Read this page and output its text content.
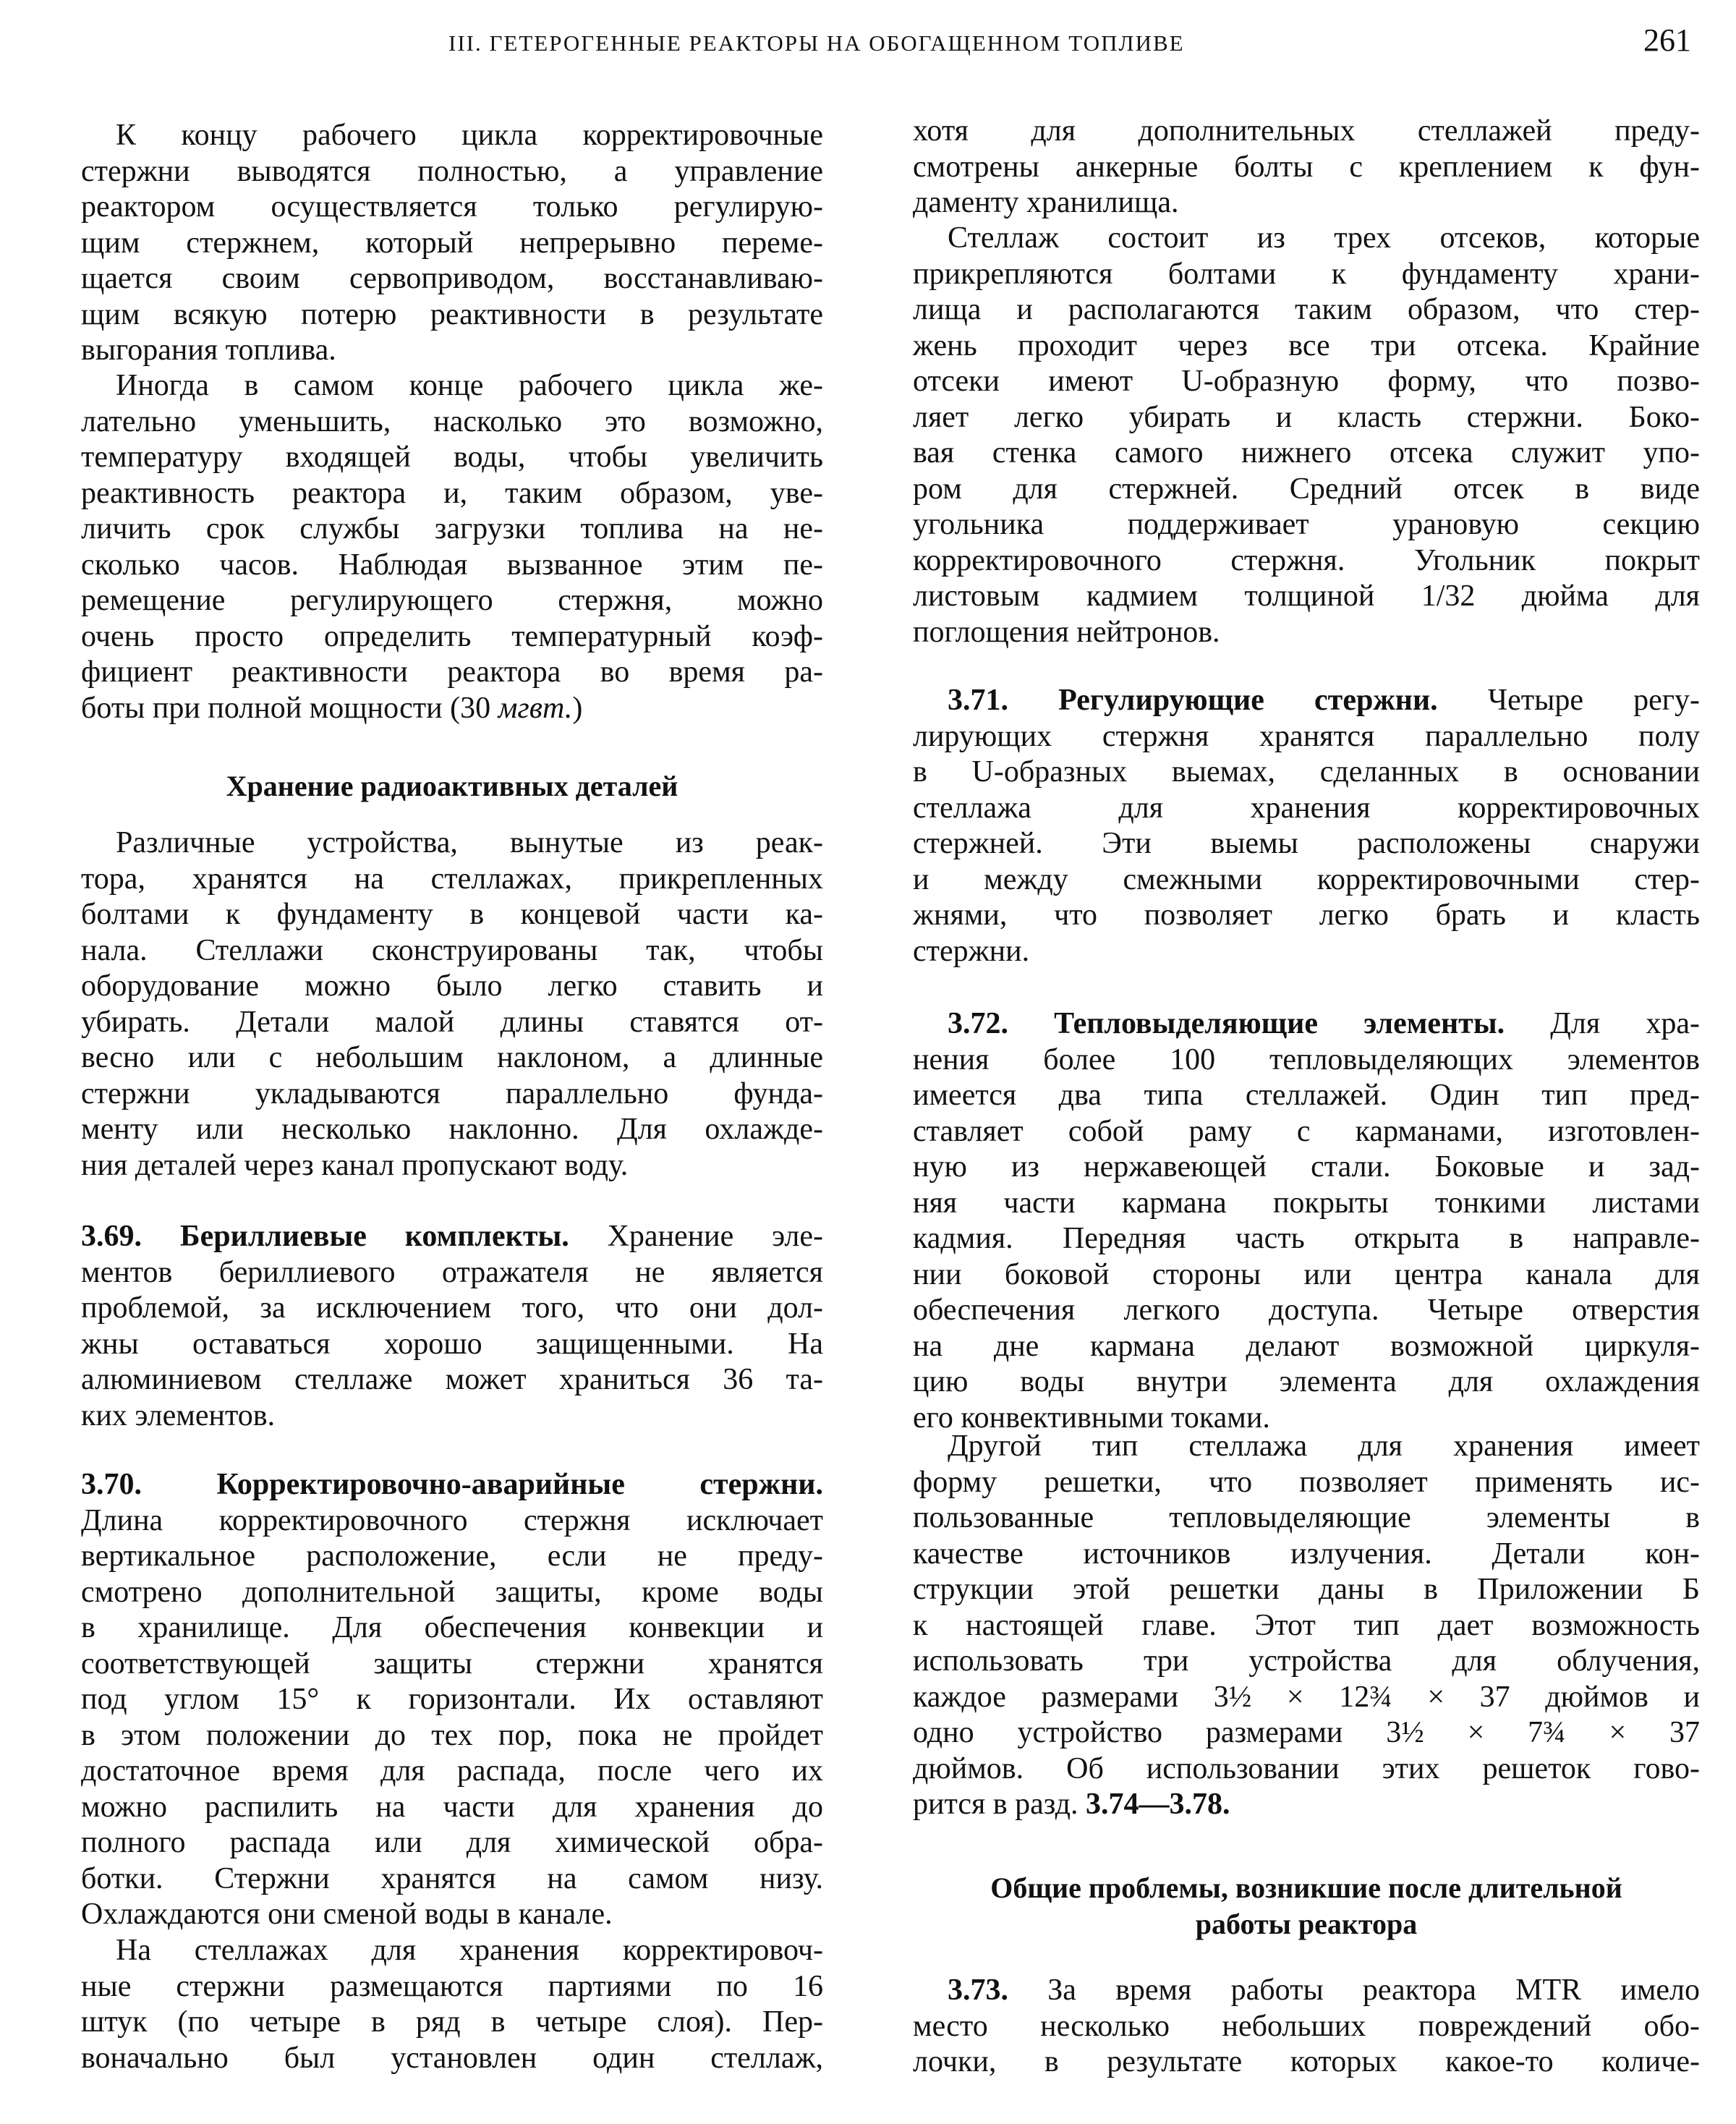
III. ГЕТЕРОГЕННЫЕ РЕАКТОРЫ НА ОБОГАЩЕННОМ ТОПЛИВЕ	261
К концу рабочего цикла корректировочные
стержни выводятся полностью, а управление
реактором осуществляется только регулирую-
щим стержнем, который непрерывно переме-
щается своим сервоприводом, восстанавливаю-
щим всякую потерю реактивности в результате
выгорания топлива.
Иногда в самом конце рабочего цикла же-
лательно уменьшить, насколько это возможно,
температуру входящей воды, чтобы увеличить
реактивность реактора и, таким образом, уве-
личить срок службы загрузки топлива на не-
сколько часов. Наблюдая вызванное этим пе-
ремещение регулирующего стержня, можно
очень просто определить температурный коэф-
фициент реактивности реактора во время ра-
боты при полной мощности (30 мгвт.)
Хранение радиоактивных деталей
Различные устройства, вынутые из реак-
тора, хранятся на стеллажах, прикрепленных
болтами к фундаменту в концевой части ка-
нала. Стеллажи сконструированы так, чтобы
оборудование можно было легко ставить и
убирать. Детали малой длины ставятся от-
весно или с небольшим наклоном, а длинные
стержни укладываются параллельно фунда-
менту или несколько наклонно. Для охлажде-
ния деталей через канал пропускают воду.
3.69. Бериллиевые комплекты. Хранение эле-
ментов бериллиевого отражателя не является
проблемой, за исключением того, что они дол-
жны оставаться хорошо защищенными. На
алюминиевом стеллаже может храниться 36 та-
ких элементов.
3.70. Корректировочно-аварийные стержни.
Длина корректировочного стержня исключает
вертикальное расположение, если не преду-
смотрено дополнительной защиты, кроме воды
в хранилище. Для обеспечения конвекции и
соответствующей защиты стержни хранятся
под углом 15° к горизонтали. Их оставляют
в этом положении до тех пор, пока не пройдет
достаточное время для распада, после чего их
можно распилить на части для хранения до
полного распада или для химической обра-
ботки. Стержни хранятся на самом низу.
Охлаждаются они сменой воды в канале.
На стеллажах для хранения корректировоч-
ные стержни размещаются партиями по 16
штук (по четыре в ряд в четыре слоя). Пер-
воначально был установлен один стеллаж,
хотя для дополнительных стеллажей преду-
смотрены анкерные болты с креплением к фун-
даменту хранилища.
Стеллаж состоит из трех отсеков, которые
прикрепляются болтами к фундаменту храни-
лища и располагаются таким образом, что стер-
жень проходит через все три отсека. Крайние
отсеки имеют U-образную форму, что позво-
ляет легко убирать и класть стержни. Боко-
вая стенка самого нижнего отсека служит упо-
ром для стержней. Средний отсек в виде
угольника поддерживает урановую секцию
корректировочного стержня. Угольник покрыт
листовым кадмием толщиной 1/32 дюйма для
поглощения нейтронов.
3.71. Регулирующие стержни. Четыре регу-
лирующих стержня хранятся параллельно полу
в U-образных выемах, сделанных в основании
стеллажа для хранения корректировочных
стержней. Эти выемы расположены снаружи
и между смежными корректировочными стер-
жнями, что позволяет легко брать и класть
стержни.
3.72. Тепловыделяющие элементы. Для хра-
нения более 100 тепловыделяющих элементов
имеется два типа стеллажей. Один тип пред-
ставляет собой раму с карманами, изготовлен-
ную из нержавеющей стали. Боковые и зад-
няя части кармана покрыты тонкими листами
кадмия. Передняя часть открыта в направле-
нии боковой стороны или центра канала для
обеспечения легкого доступа. Четыре отверстия
на дне кармана делают возможной циркуля-
цию воды внутри элемента для охлаждения
его конвективными токами.
Другой тип стеллажа для хранения имеет
форму решетки, что позволяет применять ис-
пользованные тепловыделяющие элементы в
качестве источников излучения. Детали кон-
струкции этой решетки даны в Приложении Б
к настоящей главе. Этот тип дает возможность
использовать три устройства для облучения,
каждое размерами 3½ × 12¾ × 37 дюймов и
одно устройство размерами 3½ × 7¾ × 37
дюймов. Об использовании этих решеток гово-
рится в разд. 3.74—3.78.
Общие проблемы, возникшие после длительной
работы реактора
3.73. За время работы реактора MTR имело
место несколько небольших повреждений обо-
лочки, в результате которых какое-то количе-
